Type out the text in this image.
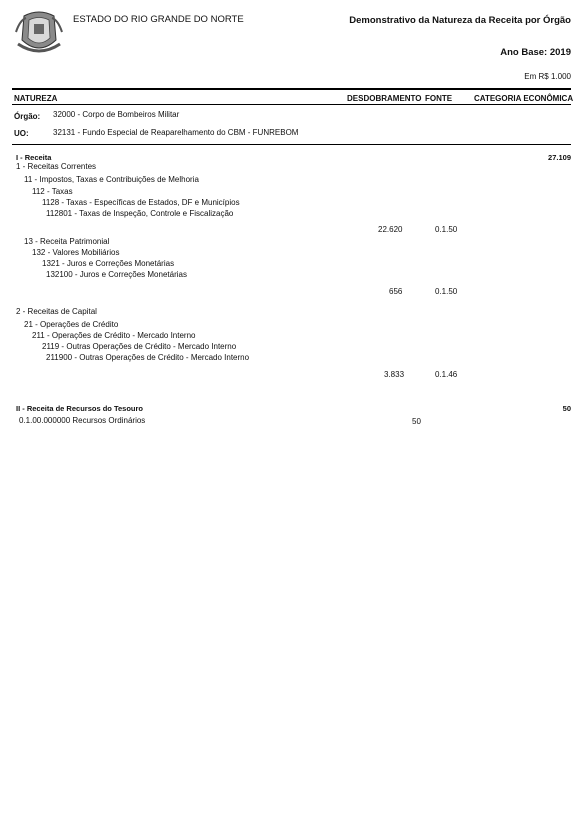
ESTADO DO RIO GRANDE DO NORTE	Demonstrativo da Natureza da Receita por Órgão
Ano Base: 2019
Em R$ 1.000
NATUREZA	DESDOBRAMENTO FONTE	CATEGORIA ECONÔMICA
Órgão: 32000 - Corpo de Bombeiros Militar
UO:	32131 - Fundo Especial de Reaparelhamento do CBM - FUNREBOM
I - Receita	27.109
1 - Receitas Correntes
11 - Impostos, Taxas e Contribuições de Melhoria
112 - Taxas
1128 - Taxas - Específicas de Estados, DF e Municípios
112801 - Taxas de Inspeção, Controle e Fiscalização
22.620	0.1.50
13 - Receita Patrimonial
132 - Valores Mobiliários
1321 - Juros e Correções Monetárias
132100 - Juros e Correções Monetárias
656	0.1.50
2 - Receitas de Capital
21 - Operações de Crédito
211 - Operações de Crédito - Mercado Interno
2119 - Outras Operações de Crédito - Mercado Interno
211900 - Outras Operações de Crédito - Mercado Interno
3.833	0.1.46
II - Receita de Recursos do Tesouro	50
0.1.00.000000 Recursos Ordinários	50
